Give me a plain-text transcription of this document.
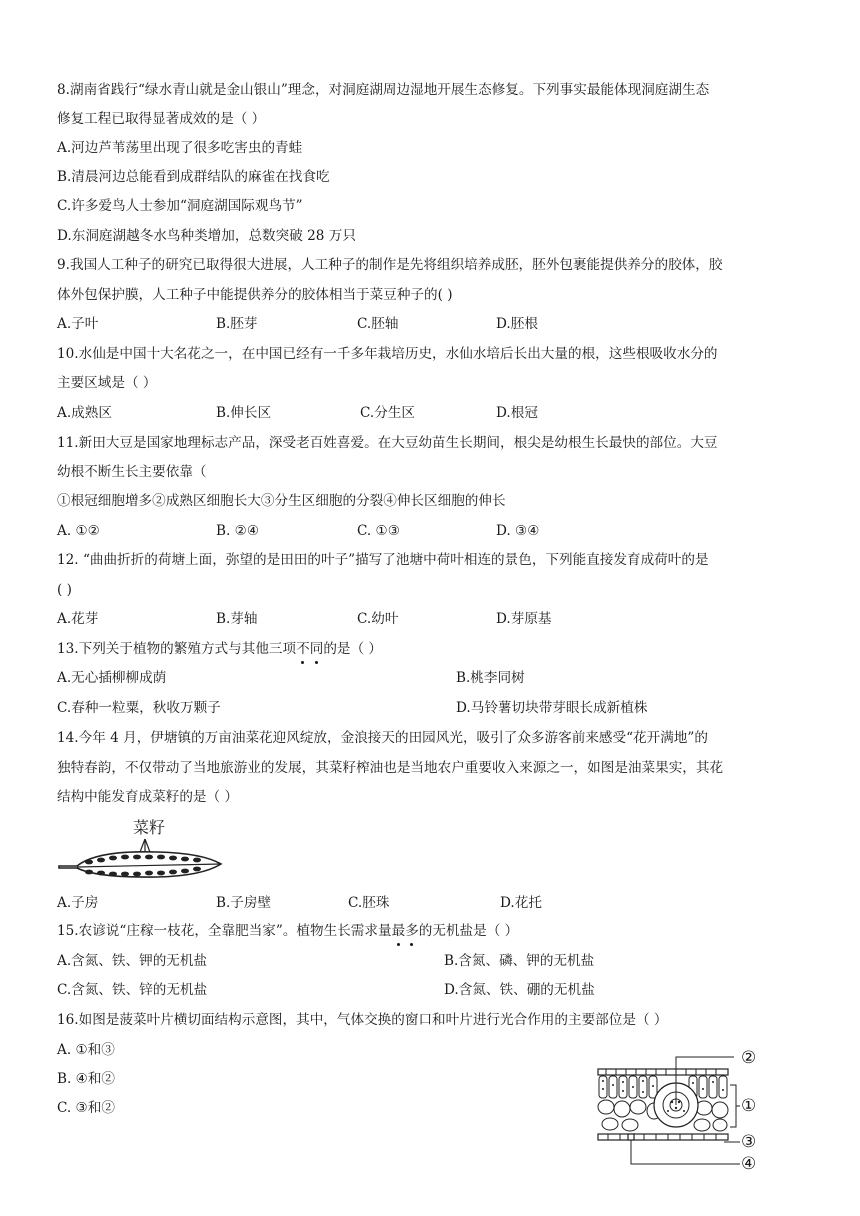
8.湖南省践行“绿水青山就是金山银山”理念，对洞庭湖周边湿地开展生态修复。下列事实最能体现洞庭湖生态
修复工程已取得显著成效的是（ ）
A.河边芦苇荡里出现了很多吃害虫的青蛙
B.清晨河边总能看到成群结队的麻雀在找食吃
C.许多爱鸟人士参加“洞庭湖国际观鸟节”
D.东洞庭湖越冬水鸟种类增加，总数突破 28 万只
9.我国人工种子的研究已取得很大进展，人工种子的制作是先将组织培养成胚，胚外包裹能提供养分的胶体，胶
体外包保护膜，人工种子中能提供养分的胶体相当于菜豆种子的( )
A.子叶	B.胚芽	C.胚轴	D.胚根
10.水仙是中国十大名花之一，在中国已经有一千多年栽培历史，水仙水培后长出大量的根，这些根吸收水分的
主要区域是（ ）
A.成熟区	B.伸长区	C.分生区	D.根冠
11.新田大豆是国家地理标志产品，深受老百姓喜爱。在大豆幼苗生长期间，根尖是幼根生长最快的部位。大豆
幼根不断生长主要依靠（
①根冠细胞增多②成熟区细胞长大③分生区细胞的分裂④伸长区细胞的伸长
A. ①②	B. ②④	C. ①③	D. ③④
12. “曲曲折折的荷塘上面，弥望的是田田的叶子”描写了池塘中荷叶相连的景色，下列能直接发育成荷叶的是
( )
A.花芽	B.芽轴	C.幼叶	D.芽原基
13.下列关于植物的繁殖方式与其他三项不同的是（ ）
A.无心插柳柳成荫	B.桃李同树
C.春种一粒粟，秋收万颗子	D.马铃薯切块带芽眼长成新植株
14.今年 4 月，伊塘镇的万亩油菜花迎风绽放，金浪接天的田园风光，吸引了众多游客前来感受“花开满地”的
独特春韵，不仅带动了当地旅游业的发展，其菜籽榨油也是当地农户重要收入来源之一，如图是油菜果实，其花
结构中能发育成菜籽的是（ ）
菜籽
A.子房	B.子房壁	C.胚珠	D.花托
15.农谚说“庄稼一枝花，全靠肥当家”。植物生长需求量最多的无机盐是（ ）
A.含氮、铁、钾的无机盐	B.含氮、磷、钾的无机盐
C.含氮、铁、锌的无机盐	D.含氮、铁、硼的无机盐
16.如图是菠菜叶片横切面结构示意图，其中，气体交换的窗口和叶片进行光合作用的主要部位是（ ）
A. ①和③
B. ④和②
C. ③和②
②
①
③
④
